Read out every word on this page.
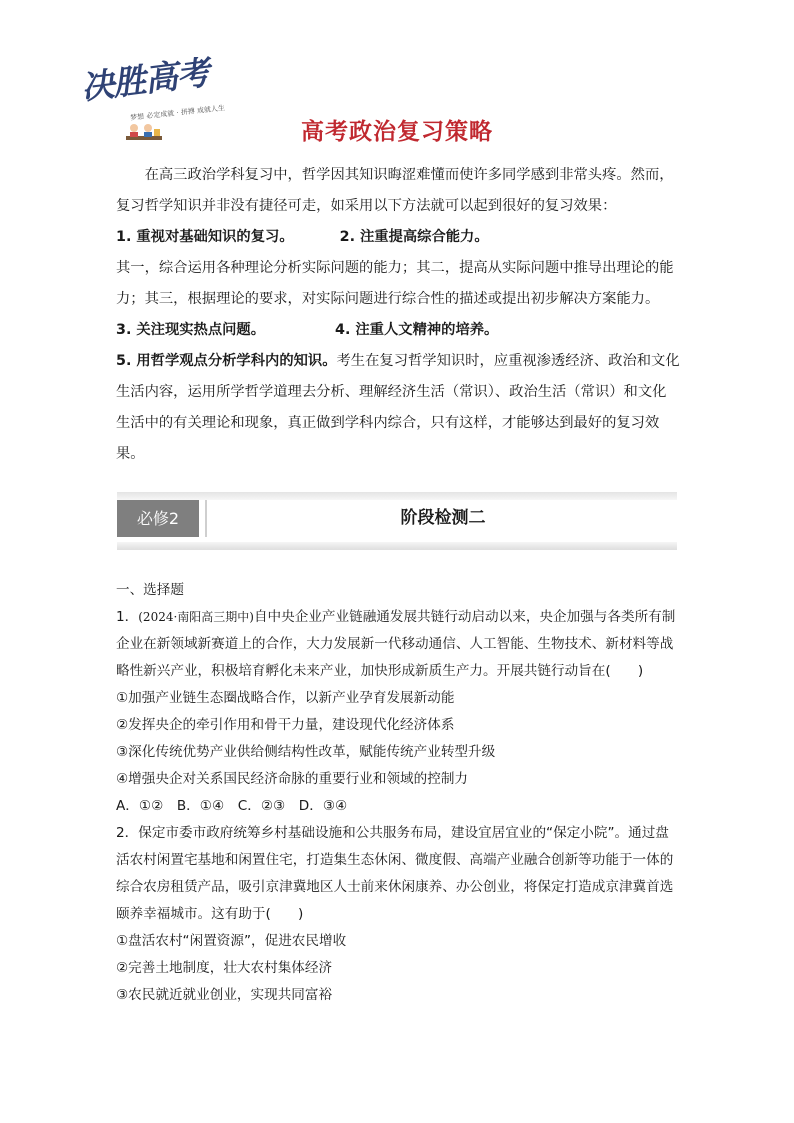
决胜高考
梦想 必定成就 · 拼搏 成就人生
高考政治复习策略

在高三政治学科复习中，哲学因其知识晦涩难懂而使许多同学感到非常头疼。然而，复习哲学知识并非没有捷径可走，如采用以下方法就可以起到很好的复习效果：

1. 重视对基础知识的复习。	2. 注重提高综合能力。

其一，综合运用各种理论分析实际问题的能力；其二，提高从实际问题中推导出理论的能力；其三，根据理论的要求，对实际问题进行综合性的描述或提出初步解决方案能力。

3. 关注现实热点问题。	4. 注重人文精神的培养。

5. 用哲学观点分析学科内的知识。考生在复习哲学知识时，应重视渗透经济、政治和文化生活内容，运用所学哲学道理去分析、理解经济生活（常识）、政治生活（常识）和文化生活中的有关理论和现象，真正做到学科内综合，只有这样，才能够达到最好的复习效果。

必修2	阶段检测二

一、选择题

1．(2024·南阳高三期中)自中央企业产业链融通发展共链行动启动以来，央企加强与各类所有制企业在新领域新赛道上的合作，大力发展新一代移动通信、人工智能、生物技术、新材料等战略性新兴产业，积极培育孵化未来产业，加快形成新质生产力。开展共链行动旨在(　　)

①加强产业链生态圈战略合作，以新产业孕育发展新动能

②发挥央企的牵引作用和骨干力量，建设现代化经济体系

③深化传统优势产业供给侧结构性改革，赋能传统产业转型升级

④增强央企对关系国民经济命脉的重要行业和领域的控制力

A．①②　B．①④　C．②③　D．③④

2．保定市委市政府统筹乡村基础设施和公共服务布局，建设宜居宜业的“保定小院”。通过盘活农村闲置宅基地和闲置住宅，打造集生态休闲、微度假、高端产业融合创新等功能于一体的综合农房租赁产品，吸引京津冀地区人士前来休闲康养、办公创业，将保定打造成京津冀首选颐养幸福城市。这有助于(　　)

①盘活农村“闲置资源”，促进农民增收

②完善土地制度，壮大农村集体经济

③农民就近就业创业，实现共同富裕
